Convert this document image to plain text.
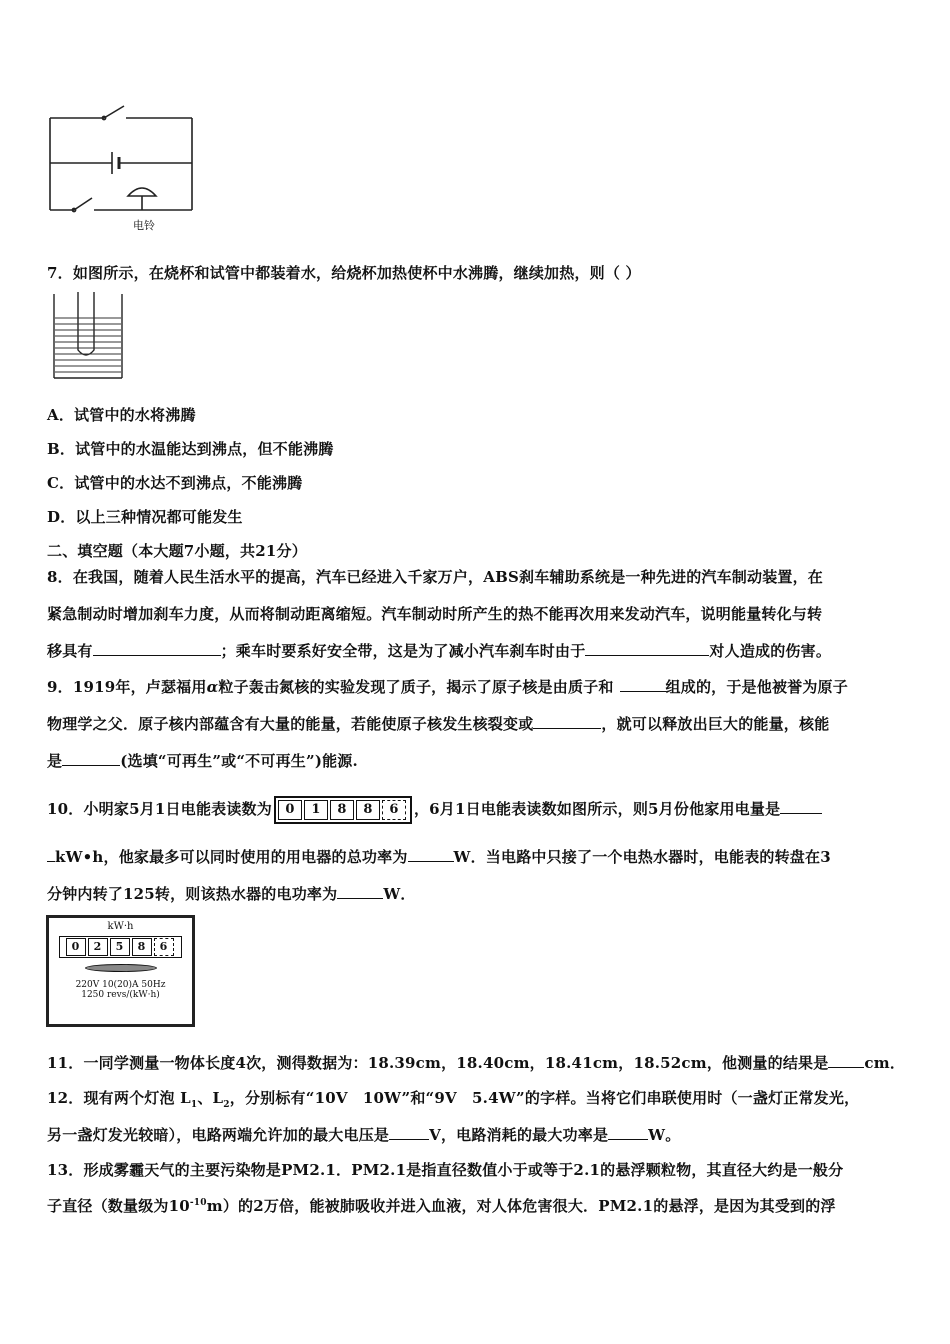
电铃
7．如图所示，在烧杯和试管中都装着水，给烧杯加热使杯中水沸腾，继续加热，则（ ）
A．试管中的水将沸腾
B．试管中的水温能达到沸点，但不能沸腾
C．试管中的水达不到沸点，不能沸腾
D．以上三种情况都可能发生
二、填空题（本大题7小题，共21分）
8．在我国，随着人民生活水平的提高，汽车已经进入千家万户，ABS刹车辅助系统是一种先进的汽车制动装置，在
紧急制动时增加刹车力度，从而将制动距离缩短。汽车制动时所产生的热不能再次用来发动汽车，说明能量转化与转
移具有	；乘车时要系好安全带，这是为了减小汽车刹车时由于	对人造成的伤害。
9．1919年，卢瑟福用α粒子轰击氮核的实验发现了质子，揭示了原子核是由质子和	组成的，于是他被誉为原子
物理学之父．原子核内部蕴含有大量的能量，若能使原子核发生核裂变或	，就可以释放出巨大的能量，核能
是	(选填“可再生”或“不可再生”)能源.
10．小明家5月1日电能表读数为	0	1	8	8	6	，6月1日电能表读数如图所示，则5月份他家用电量是
kW•h，他家最多可以同时使用的用电器的总功率为	W．当电路中只接了一个电热水器时，电能表的转盘在3
分钟内转了125转，则该热水器的电功率为	W．
kW·h
0	2	5	8	6
220V 10(20)A 50Hz
1250 revs/(kW·h)
11．一同学测量一物体长度4次，测得数据为：18.39cm，18.40cm，18.41cm，18.52cm，他测量的结果是 cm．
12．现有两个灯泡 $L_1$、$L_2$，分别标有“10V　10W”和“9V　5.4W”的字样。当将它们串联使用时（一盏灯正常发光，
另一盏灯发光较暗），电路两端允许加的最大电压是	V，电路消耗的最大功率是	W。
13．形成雾霾天气的主要污染物是PM2.1．PM2.1是指直径数值小于或等于2.1的悬浮颗粒物，其直径大约是一般分
子直径（数量级为$10^{-10}m$）的2万倍，能被肺吸收并进入血液，对人体危害很大．PM2.1的悬浮，是因为其受到的浮
